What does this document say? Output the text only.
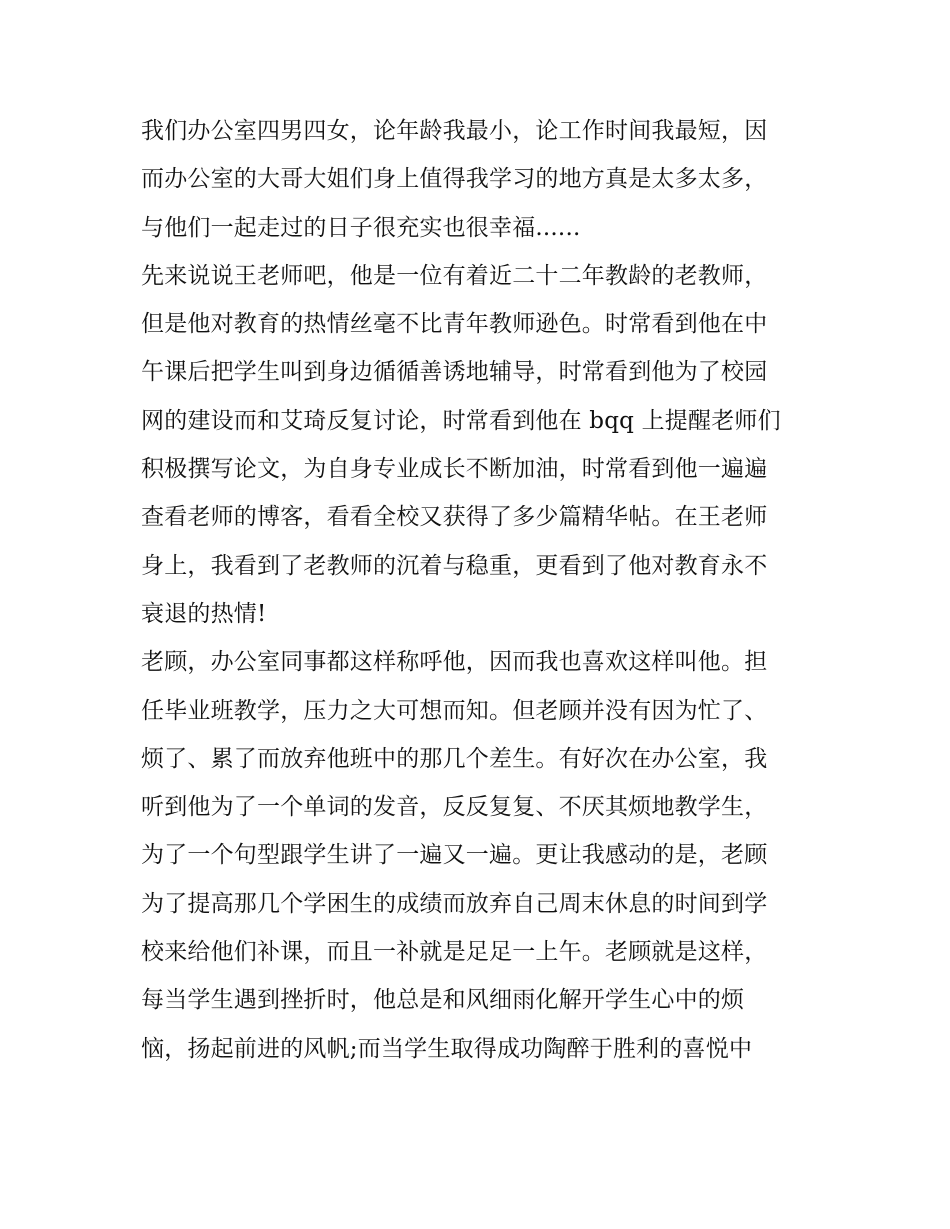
我们办公室四男四女，论年龄我最小，论工作时间我最短，因
而办公室的大哥大姐们身上值得我学习的地方真是太多太多，
与他们一起走过的日子很充实也很幸福......
先来说说王老师吧，他是一位有着近二十二年教龄的老教师，
但是他对教育的热情丝毫不比青年教师逊色。时常看到他在中
午课后把学生叫到身边循循善诱地辅导，时常看到他为了校园
网的建设而和艾琦反复讨论，时常看到他在 bqq 上提醒老师们
积极撰写论文，为自身专业成长不断加油，时常看到他一遍遍
查看老师的博客，看看全校又获得了多少篇精华帖。在王老师
身上，我看到了老教师的沉着与稳重，更看到了他对教育永不
衰退的热情!
老顾，办公室同事都这样称呼他，因而我也喜欢这样叫他。担
任毕业班教学，压力之大可想而知。但老顾并没有因为忙了、
烦了、累了而放弃他班中的那几个差生。有好次在办公室，我
听到他为了一个单词的发音，反反复复、不厌其烦地教学生，
为了一个句型跟学生讲了一遍又一遍。更让我感动的是，老顾
为了提高那几个学困生的成绩而放弃自己周末休息的时间到学
校来给他们补课，而且一补就是足足一上午。老顾就是这样，
每当学生遇到挫折时，他总是和风细雨化解开学生心中的烦
恼，扬起前进的风帆;而当学生取得成功陶醉于胜利的喜悦中
